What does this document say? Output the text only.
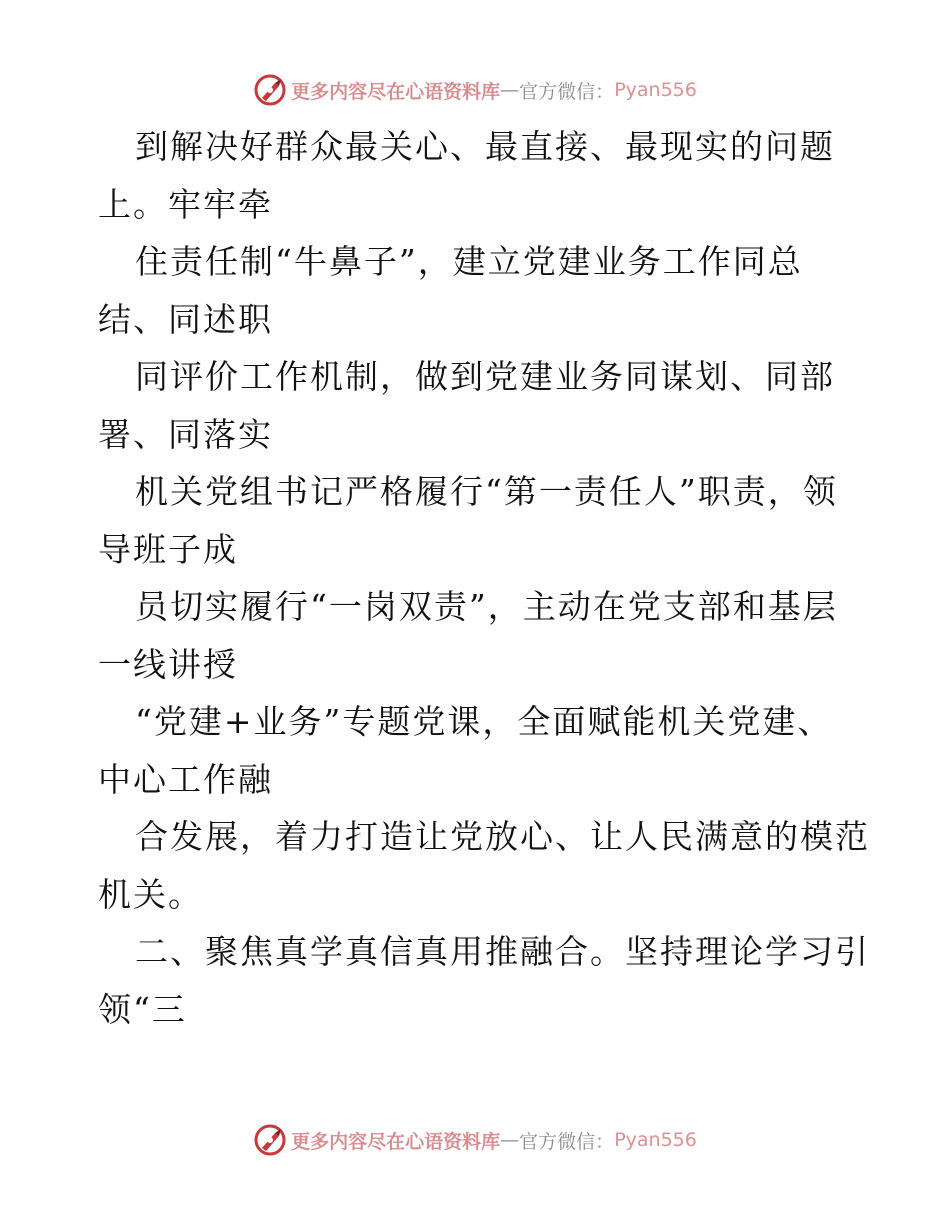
更多内容尽在心语资料库 — 官方微信： Pyan556
到解决好群众最关心、最直接、最现实的问题
上。牢牢牵
住责任制“牛鼻子”，建立党建业务工作同总
结、同述职
同评价工作机制，做到党建业务同谋划、同部
署、同落实
机关党组书记严格履行“第一责任人”职责，领
导班子成
员切实履行“一岗双责”，主动在党支部和基层
一线讲授
“党建+业务”专题党课，全面赋能机关党建、
中心工作融
合发展，着力打造让党放心、让人民满意的模范
机关。
二、聚焦真学真信真用推融合。坚持理论学习引
领“三
更多内容尽在心语资料库 — 官方微信： Pyan556
